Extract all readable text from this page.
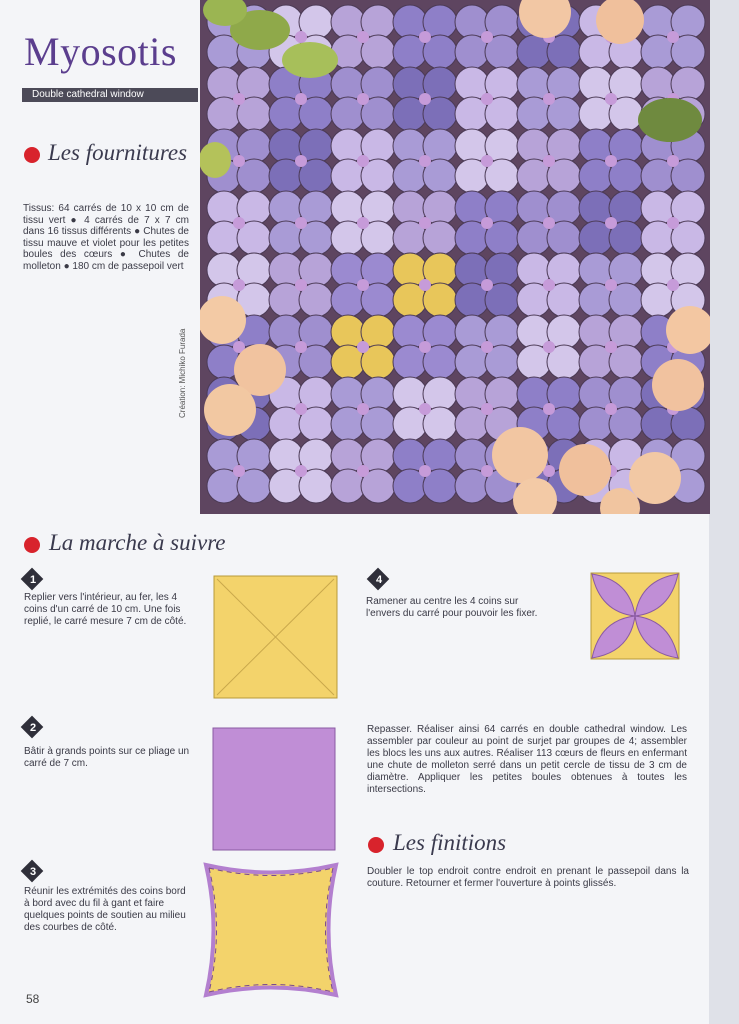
Myosotis
Double cathedral window
Les fournitures
Tissus: 64 carrés de 10 x 10 cm de tissu vert ● 4 carrés de 7 x 7 cm dans 16 tissus différents ● Chutes de tissu mauve et violet pour les petites boules des cœurs ● Chutes de molleton ● 180 cm de passepoil vert
Création: Michiko Furada
La marche à suivre
1
Replier vers l'intérieur, au fer, les 4 coins d'un carré de 10 cm. Une fois replié, le carré mesure 7 cm de côté.
2
Bâtir à grands points sur ce pliage un carré de 7 cm.
3
Réunir les extrémités des coins bord à bord avec du fil à gant et faire quelques points de soutien au milieu des courbes de côté.
4
Ramener au centre les 4 coins sur l'envers du carré pour pouvoir les fixer.
Repasser. Réaliser ainsi 64 carrés en double cathedral window. Les assembler par couleur au point de surjet par groupes de 4; assembler les blocs les uns aux autres. Réaliser 113 cœurs de fleurs en enfermant une chute de molleton serré dans un petit cercle de tissu de 3 cm de diamètre. Appliquer les petites boules obtenues à toutes les intersections.
Les finitions
Doubler le top endroit contre endroit en prenant le passepoil dans la couture. Retourner et fermer l'ouverture à points glissés.
58
